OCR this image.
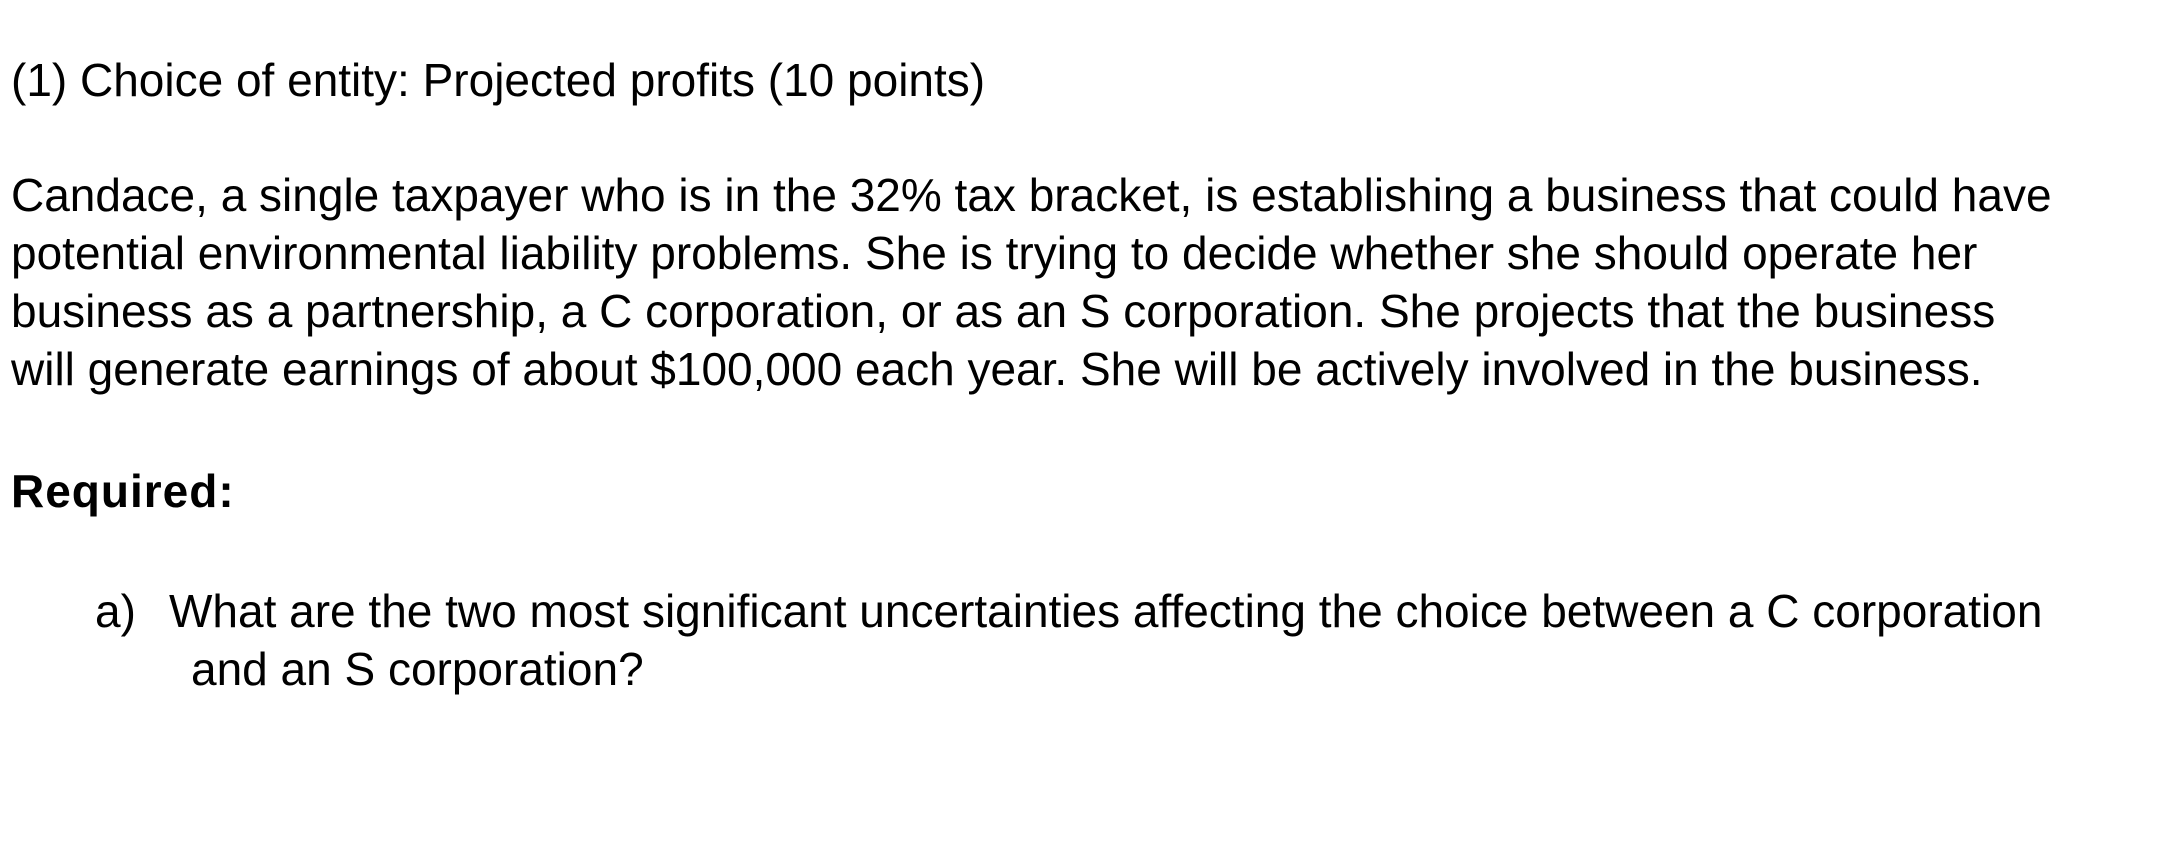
(1) Choice of entity: Projected profits (10 points)
Candace, a single taxpayer who is in the 32% tax bracket, is establishing a business that could have
potential environmental liability problems. She is trying to decide whether she should operate her
business as a partnership, a C corporation, or as an S corporation. She projects that the business
will generate earnings of about $100,000 each year. She will be actively involved in the business.
Required:
a) What are the two most significant uncertainties affecting the choice between a C corporation
and an S corporation?
